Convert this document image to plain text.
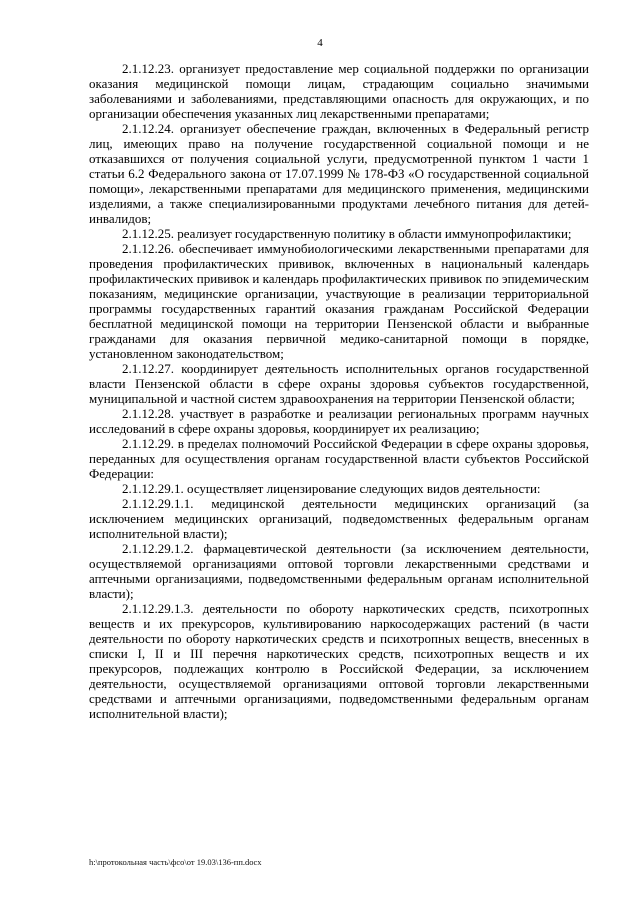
4

2.1.12.23. организует предоставление мер социальной поддержки по организации оказания медицинской помощи лицам, страдающим социально значимыми заболеваниями и заболеваниями, представляющими опасность для окружающих, и по организации обеспечения указанных лиц лекарственными препаратами;

2.1.12.24. организует обеспечение граждан, включенных в Федеральный регистр лиц, имеющих право на получение государственной социальной помощи и не отказавшихся от получения социальной услуги, предусмотренной пунктом 1 части 1 статьи 6.2 Федерального закона от 17.07.1999 № 178-ФЗ «О государственной социальной помощи», лекарственными препаратами для медицинского применения, медицинскими изделиями, а также специализированными продуктами лечебного питания для детей-инвалидов;

2.1.12.25. реализует государственную политику в области иммунопрофилактики;

2.1.12.26. обеспечивает иммунобиологическими лекарственными препаратами для проведения профилактических прививок, включенных в национальный календарь профилактических прививок и календарь профилактических прививок по эпидемическим показаниям, медицинские организации, участвующие в реализации территориальной программы государственных гарантий оказания гражданам Российской Федерации бесплатной медицинской помощи на территории Пензенской области и выбранные гражданами для оказания первичной медико-санитарной помощи в порядке, установленном законодательством;

2.1.12.27. координирует деятельность исполнительных органов государственной власти Пензенской области в сфере охраны здоровья субъектов государственной, муниципальной и частной систем здравоохранения на территории Пензенской области;

2.1.12.28. участвует в разработке и реализации региональных программ научных исследований в сфере охраны здоровья, координирует их реализацию;

2.1.12.29. в пределах полномочий Российской Федерации в сфере охраны здоровья, переданных для осуществления органам государственной власти субъектов Российской Федерации:

2.1.12.29.1. осуществляет лицензирование следующих видов деятельности:

2.1.12.29.1.1. медицинской деятельности медицинских организаций (за исключением медицинских организаций, подведомственных федеральным органам исполнительной власти);

2.1.12.29.1.2. фармацевтической деятельности (за исключением деятельности, осуществляемой организациями оптовой торговли лекарственными средствами и аптечными организациями, подведомственными федеральным органам исполнительной власти);

2.1.12.29.1.3. деятельности по обороту наркотических средств, психотропных веществ и их прекурсоров, культивированию наркосодержащих растений (в части деятельности по обороту наркотических средств и психотропных веществ, внесенных в списки I, II и III перечня наркотических средств, психотропных веществ и их прекурсоров, подлежащих контролю в Российской Федерации, за исключением деятельности, осуществляемой организациями оптовой торговли лекарственными средствами и аптечными организациями, подведомственными федеральным органам исполнительной власти);

h:\протокольная часть\фсо\от 19.03\136-пп.docx
